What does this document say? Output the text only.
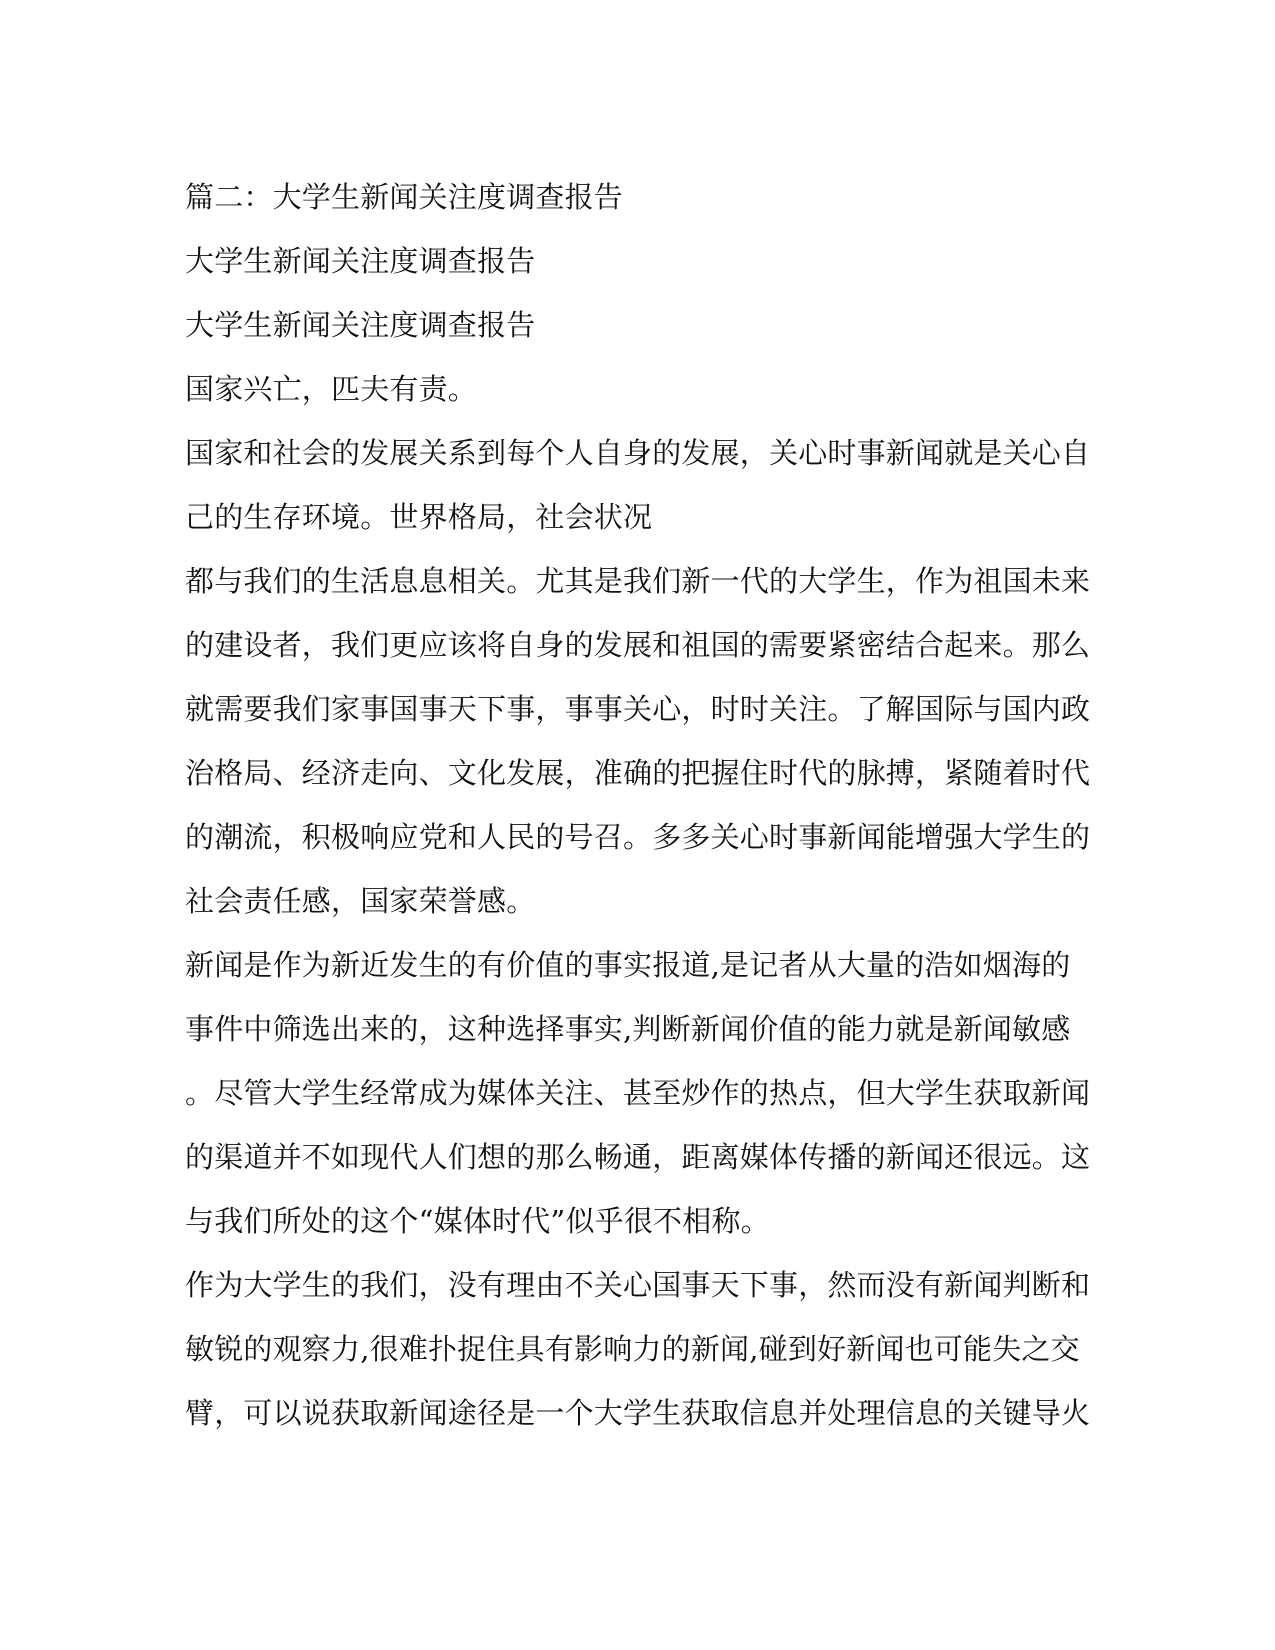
篇二：大学生新闻关注度调查报告
大学生新闻关注度调查报告
大学生新闻关注度调查报告
国家兴亡，匹夫有责。
国家和社会的发展关系到每个人自身的发展，关心时事新闻就是关心自
己的生存环境。世界格局，社会状况
都与我们的生活息息相关。尤其是我们新一代的大学生，作为祖国未来
的建设者，我们更应该将自身的发展和祖国的需要紧密结合起来。那么
就需要我们家事国事天下事，事事关心，时时关注。了解国际与国内政
治格局、经济走向、文化发展，准确的把握住时代的脉搏，紧随着时代
的潮流，积极响应党和人民的号召。多多关心时事新闻能增强大学生的
社会责任感，国家荣誉感。
新闻是作为新近发生的有价值的事实报道,是记者从大量的浩如烟海的
事件中筛选出来的，这种选择事实,判断新闻价值的能力就是新闻敏感
。尽管大学生经常成为媒体关注、甚至炒作的热点，但大学生获取新闻
的渠道并不如现代人们想的那么畅通，距离媒体传播的新闻还很远。这
与我们所处的这个“媒体时代”似乎很不相称。
作为大学生的我们，没有理由不关心国事天下事，然而没有新闻判断和
敏锐的观察力,很难扑捉住具有影响力的新闻,碰到好新闻也可能失之交
臂，可以说获取新闻途径是一个大学生获取信息并处理信息的关键导火
